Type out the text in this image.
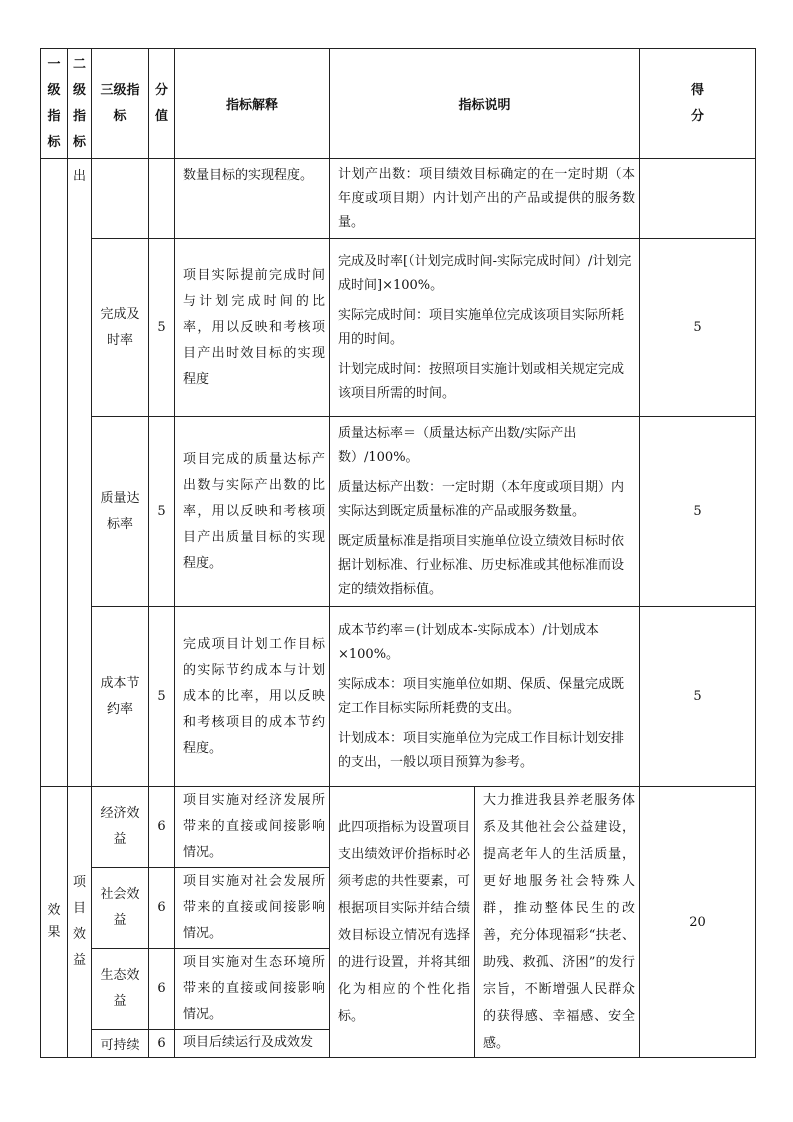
一
级
指
标	二
级
指
标	三级指标	分
值	指标解释	指标说明		得
分

	出			数量目标的实现程度。	计划产出数：项目绩效目标确定的在一定时期（本年度或项目期）内计划产出的产品或提供的服务数量。		

		完成及时率	5	项目实际提前完成时间与计划完成时间的比率，用以反映和考核项目产出时效目标的实现程度	完成及时率[（计划完成时间-实际完成时间）/计划完成时间]×100%。

实际完成时间：项目实施单位完成该项目实际所耗用的时间。

计划完成时间：按照项目实施计划或相关规定完成该项目所需的时间。		5
		质量达标率	5	项目完成的质量达标产出数与实际产出数的比率，用以反映和考核项目产出质量目标的实现程度。	质量达标率＝（质量达标产出数/实际产出数）/100%。

质量达标产出数：一定时期（本年度或项目期）内实际达到既定质量标准的产品或服务数量。

既定质量标准是指项目实施单位设立绩效目标时依据计划标准、行业标准、历史标准或其他标准而设定的绩效指标值。		5
		成本节约率	5	完成项目计划工作目标的实际节约成本与计划成本的比率，用以反映和考核项目的成本节约程度。	成本节约率＝(计划成本-实际成本）/计划成本×100%。

实际成本：项目实施单位如期、保质、保量完成既定工作目标实际所耗费的支出。

计划成本：项目实施单位为完成工作目标计划安排的支出，一般以项目预算为参考。		5
效果	项目效益	经济效益	6	项目实施对经济发展所带来的直接或间接影响情况。	此四项指标为设置项目支出绩效评价指标时必须考虑的共性要素，可根据项目实际并结合绩效目标设立情况有选择的进行设置，并将其细化为相应的个性化指标。	大力推进我县养老服务体系及其他社会公益建设，提高老年人的生活质量，更好地服务社会特殊人群，推动整体民生的改善，充分体现福彩“扶老、助残、救孤、济困”的发行宗旨，不断增强人民群众的获得感、幸福感、安全感。	20
		社会效益	6	项目实施对社会发展所带来的直接或间接影响情况。			

		生态效益	6	项目实施对生态环境所带来的直接或间接影响情况。			

		可持续	6	项目后续运行及成效发			
